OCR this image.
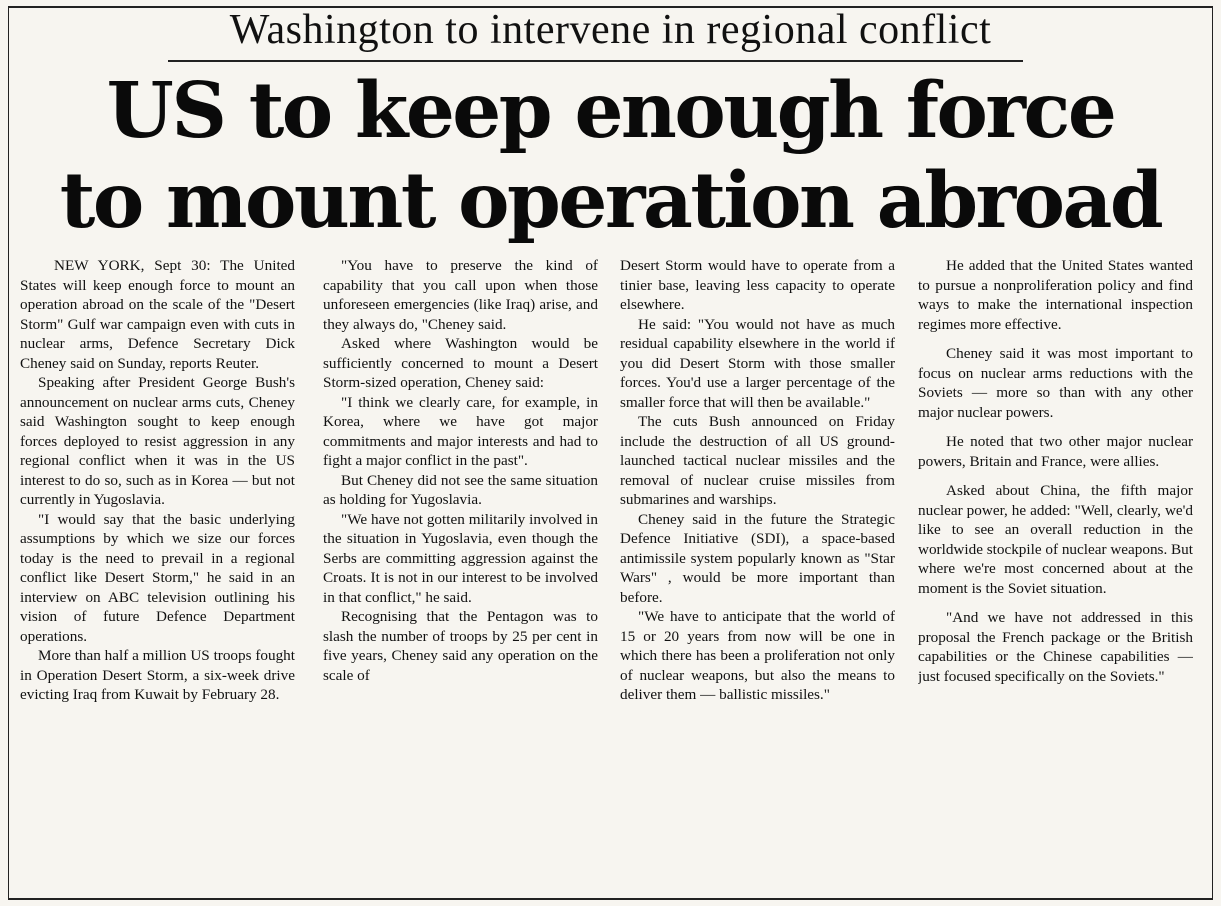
Washington to intervene in regional conflict
US to keep enough force
to mount operation abroad

NEW YORK, Sept 30: The United States will keep enough force to mount an operation abroad on the scale of the "Desert Storm" Gulf war campaign even with cuts in nuclear arms, Defence Secretary Dick Cheney said on Sunday, reports Reuter.

Speaking after President George Bush's announcement on nuclear arms cuts, Cheney said Washington sought to keep enough forces deployed to resist aggression in any regional conflict when it was in the US interest to do so, such as in Korea — but not currently in Yugoslavia.

"I would say that the basic underlying assumptions by which we size our forces today is the need to prevail in a regional conflict like Desert Storm," he said in an interview on ABC television outlining his vision of future Defence Department operations.

More than half a million US troops fought in Operation Desert Storm, a six-week drive evicting Iraq from Kuwait by February 28.

"You have to preserve the kind of capability that you call upon when those unforeseen emergencies (like Iraq) arise, and they always do, "Cheney said.

Asked where Washington would be sufficiently concerned to mount a Desert Storm-sized operation, Cheney said:

"I think we clearly care, for example, in Korea, where we have got major commitments and major interests and had to fight a major conflict in the past".

But Cheney did not see the same situation as holding for Yugoslavia.

"We have not gotten militarily involved in the situation in Yugoslavia, even though the Serbs are committing aggression against the Croats. It is not in our interest to be involved in that conflict," he said.

Recognising that the Pentagon was to slash the number of troops by 25 per cent in five years, Cheney said any operation on the scale of

Desert Storm would have to operate from a tinier base, leaving less capacity to operate elsewhere.

He said: "You would not have as much residual capability elsewhere in the world if you did Desert Storm with those smaller forces. You'd use a larger percentage of the smaller force that will then be available."

The cuts Bush announced on Friday include the destruction of all US ground-launched tactical nuclear missiles and the removal of nuclear cruise missiles from submarines and warships.

Cheney said in the future the Strategic Defence Initiative (SDI), a space-based antimissile system popularly known as "Star Wars" , would be more important than before.

"We have to anticipate that the world of 15 or 20 years from now will be one in which there has been a proliferation not only of nuclear weapons, but also the means to deliver them — ballistic missiles."

He added that the United States wanted to pursue a nonproliferation policy and find ways to make the international inspection regimes more effective.

Cheney said it was most important to focus on nuclear arms reductions with the Soviets — more so than with any other major nuclear powers.

He noted that two other major nuclear powers, Britain and France, were allies.

Asked about China, the fifth major nuclear power, he added: "Well, clearly, we'd like to see an overall reduction in the worldwide stockpile of nuclear weapons. But where we're most concerned about at the moment is the Soviet situation.

"And we have not addressed in this proposal the French package or the British capabilities or the Chinese capabilities — just focused specifically on the Soviets."
